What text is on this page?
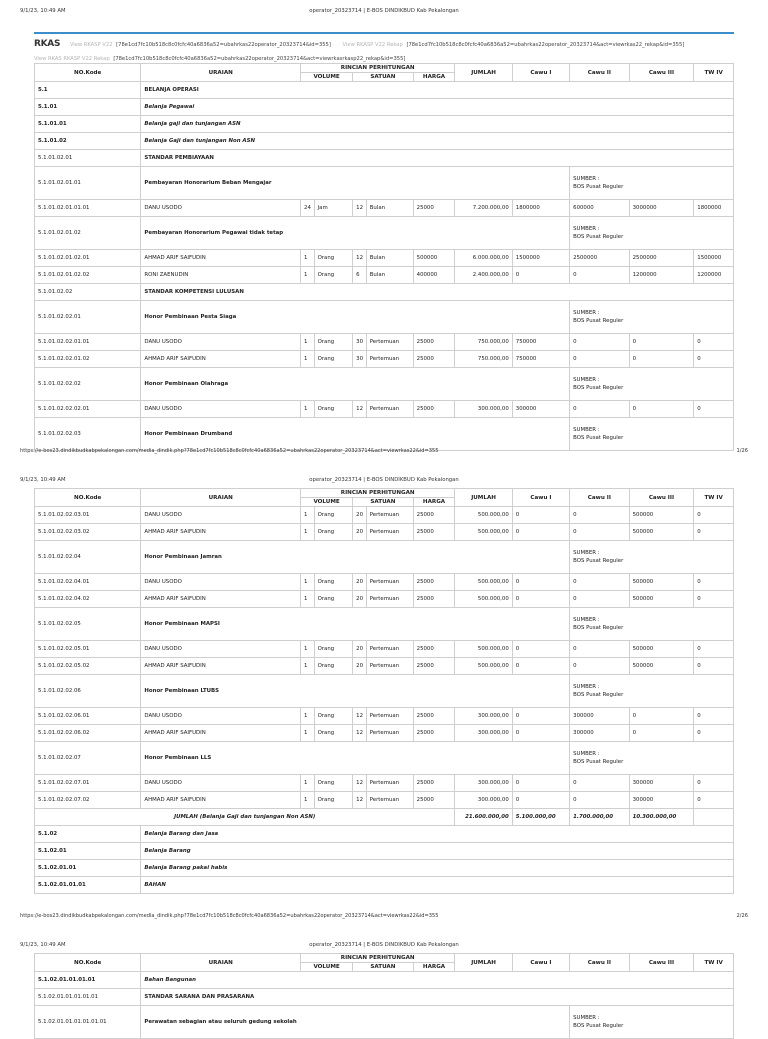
9/1/23, 10:49 AM	operator_20323714 | E-BOS DINDIKBUD Kab Pekalongan
RKAS View RKASP V22 [78e1cd7fc10b518c8c0fcfc40a6836a52=ubahrkas22operator_20323714&id=355] View RKASP V22 Rekap [78e1cd7fc10b518c8c0fcfc40a6836a52=ubahrkas22operator_20323714&act=viewrkas22_rekap&id=355]
View RKAS RKASP V22 Rekap [78e1cd7fc10b518c8c0fcfc40a6836a52=ubahrkas22operator_20323714&act=viewrkasrkasp22_rekap&id=355]
NO.Kode	URAIAN	RINCIAN PERHITUNGAN					JUMLAH	Cawu I	Cawu II	Cawu III	TW IV
		VOLUME		SATUAN		HARGA					
5.1	BELANJA OPERASI										
5.1.01	Belanja Pegawai										
5.1.01.01	Belanja gaji dan tunjangan ASN										
5.1.01.02	Belanja Gaji dan tunjangan Non ASN										
5.1.01.02.01	STANDAR PEMBIAYAAN										
5.1.01.02.01.01	Pembayaran Honorarium Beban Mengajar								SUMBER :
BOS Pusat Reguler		

5.1.01.02.01.01.01	DANU USODO	24	Jam	12	Bulan	25000	7.200.000,00	1800000	600000	3000000	1800000
5.1.01.02.01.02	Pembayaran Honorarium Pegawai tidak tetap								SUMBER :
BOS Pusat Reguler		

5.1.01.02.01.02.01	AHMAD ARIF SAIFUDIN	1	Orang	12	Bulan	500000	6.000.000,00	1500000	2500000	2500000	1500000
5.1.01.02.01.02.02	RONI ZAENUDIN	1	Orang	6	Bulan	400000	2.400.000,00	0	0	1200000	1200000
5.1.01.02.02	STANDAR KOMPETENSI LULUSAN										
5.1.01.02.02.01	Honor Pembinaan Pesta Siaga								SUMBER :
BOS Pusat Reguler		

5.1.01.02.02.01.01	DANU USODO	1	Orang	30	Pertemuan	25000	750.000,00	750000	0	0	0
5.1.01.02.02.01.02	AHMAD ARIF SAIFUDIN	1	Orang	30	Pertemuan	25000	750.000,00	750000	0	0	0
5.1.01.02.02.02	Honor Pembinaan Olahraga								SUMBER :
BOS Pusat Reguler		

5.1.01.02.02.02.01	DANU USODO	1	Orang	12	Pertemuan	25000	300.000,00	300000	0	0	0
5.1.01.02.02.03	Honor Pembinaan Drumband								SUMBER :
BOS Pusat Reguler		
https://e-bos23.dindikbudkabpekalongan.com/media_dindik.php?78e1cd7fc10b518c8c0fcfc40a6836a52=ubahrkas22operator_20323714&act=viewrkas22&id=355	1/26
9/1/23, 10:49 AM	operator_20323714 | E-BOS DINDIKBUD Kab Pekalongan
NO.Kode	URAIAN	RINCIAN PERHITUNGAN					JUMLAH	Cawu I	Cawu II	Cawu III	TW IV
		VOLUME		SATUAN		HARGA					
5.1.01.02.02.03.01	DANU USODO	1	Orang	20	Pertemuan	25000	500.000,00	0	0	500000	0
5.1.01.02.02.03.02	AHMAD ARIF SAIFUDIN	1	Orang	20	Pertemuan	25000	500.000,00	0	0	500000	0
5.1.01.02.02.04	Honor Pembinaan Jamran								SUMBER :
BOS Pusat Reguler		

5.1.01.02.02.04.01	DANU USODO	1	Orang	20	Pertemuan	25000	500.000,00	0	0	500000	0
5.1.01.02.02.04.02	AHMAD ARIF SAIFUDIN	1	Orang	20	Pertemuan	25000	500.000,00	0	0	500000	0
5.1.01.02.02.05	Honor Pembinaan MAPSI								SUMBER :
BOS Pusat Reguler		

5.1.01.02.02.05.01	DANU USODO	1	Orang	20	Pertemuan	25000	500.000,00	0	0	500000	0
5.1.01.02.02.05.02	AHMAD ARIF SAIFUDIN	1	Orang	20	Pertemuan	25000	500.000,00	0	0	500000	0
5.1.01.02.02.06	Honor Pembinaan LTUBS								SUMBER :
BOS Pusat Reguler		

5.1.01.02.02.06.01	DANU USODO	1	Orang	12	Pertemuan	25000	300.000,00	0	300000	0	0
5.1.01.02.02.06.02	AHMAD ARIF SAIFUDIN	1	Orang	12	Pertemuan	25000	300.000,00	0	300000	0	0
5.1.01.02.02.07	Honor Pembinaan LLS								SUMBER :
BOS Pusat Reguler		

5.1.01.02.02.07.01	DANU USODO	1	Orang	12	Pertemuan	25000	300.000,00	0	0	300000	0
5.1.01.02.02.07.02	AHMAD ARIF SAIFUDIN	1	Orang	12	Pertemuan	25000	300.000,00	0	0	300000	0
JUMLAH (Belanja Gaji dan tunjangan Non ASN)							21.600.000,00	5.100.000,00	1.700.000,00	10.300.000,00	
5.1.02	Belanja Barang dan Jasa										
5.1.02.01	Belanja Barang										
5.1.02.01.01	Belanja Barang pakai habis										
5.1.02.01.01.01	BAHAN										
https://e-bos23.dindikbudkabpekalongan.com/media_dindik.php?78e1cd7fc10b518c8c0fcfc40a6836a52=ubahrkas22operator_20323714&act=viewrkas22&id=355	2/26
9/1/23, 10:49 AM	operator_20323714 | E-BOS DINDIKBUD Kab Pekalongan
NO.Kode	URAIAN	RINCIAN PERHITUNGAN			JUMLAH	Cawu I	Cawu II	Cawu III	TW IV
		VOLUME	SATUAN	HARGA					
5.1.02.01.01.01.01	Bahan Bangunan								
5.1.02.01.01.01.01.01	STANDAR SARANA DAN PRASARANA								
5.1.02.01.01.01.01.01.01	Perawatan sebagian atau seluruh gedung sekolah						SUMBER :
BOS Pusat Reguler		
